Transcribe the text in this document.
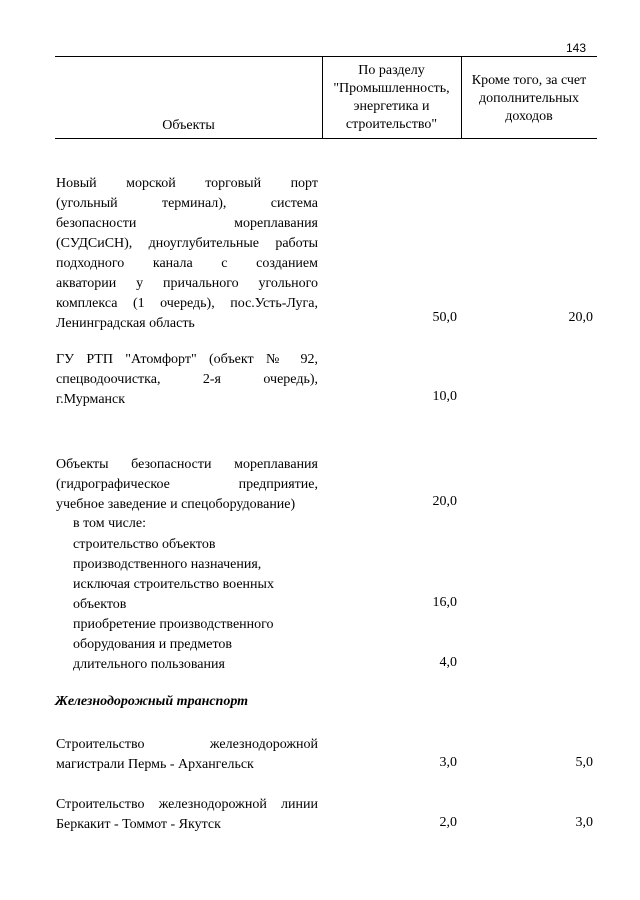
143
Объекты
По разделу
"Промышленность,
энергетика и
строительство"
Кроме того, за счет
дополнительных
доходов
Новый морской торговый порт
(угольный терминал), система
безопасности мореплавания
(СУДСиСН), дноуглубительные работы
подходного канала с созданием
акватории у причального угольного
комплекса (1 очередь), пос.Усть-Луга,
Ленинградская область	50,0	20,0
ГУ РТП "Атомфорт" (объект № 92,
спецводоочистка, 2-я очередь),
г.Мурманск	10,0
Объекты безопасности мореплавания
(гидрографическое предприятие,
учебное заведение и спецоборудование)	20,0
в том числе:
строительство объектов
производственного назначения,
исключая строительство военных
объектов	16,0
приобретение производственного
оборудования и предметов
длительного пользования	4,0
Железнодорожный транспорт
Строительство железнодорожной
магистрали Пермь - Архангельск	3,0	5,0
Строительство железнодорожной линии
Беркакит - Томмот - Якутск	2,0	3,0
